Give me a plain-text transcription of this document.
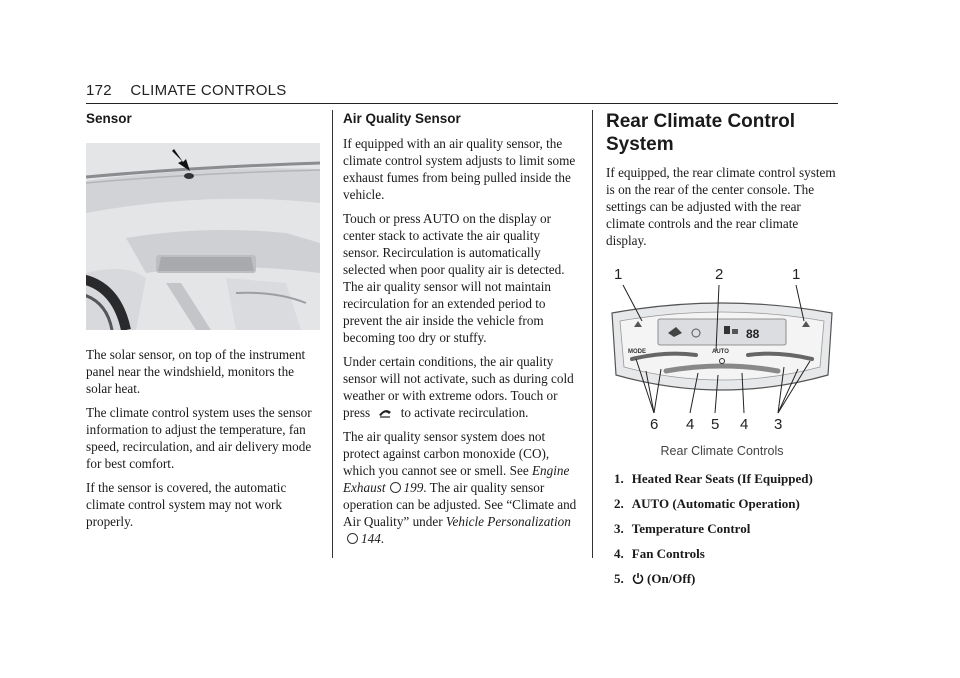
172 CLIMATE CONTROLS
Sensor

The solar sensor, on top of the instrument panel near the windshield, monitors the solar heat.

The climate control system uses the sensor information to adjust the temperature, fan speed, recirculation, and air delivery mode for best comfort.

If the sensor is covered, the automatic climate control system may not work properly.

Air Quality Sensor

If equipped with an air quality sensor, the climate control system adjusts to limit some exhaust fumes from being pulled inside the vehicle.

Touch or press AUTO on the display or center stack to activate the air quality sensor. Recirculation is automatically selected when poor quality air is detected. The air quality sensor will not maintain recirculation for an extended period to prevent the air inside the vehicle from becoming too dry or stuffy.

Under certain conditions, the air quality sensor will not activate, such as during cold weather or with extreme odors. Touch or press to activate recirculation.

The air quality sensor system does not protect against carbon monoxide (CO), which you cannot see or smell. See Engine Exhaust 199. The air quality sensor operation can be adjusted. See “Climate and Air Quality” under Vehicle Personalization144.

Rear Climate Control System

If equipped, the rear climate control system is on the rear of the center console. The settings can be adjusted with the rear climate controls and the rear climate display.

1	2	1
88
MODE	AUTO
6 4 5 4 3
Rear Climate Controls
1. Heated Rear Seats (If Equipped)
2. AUTO (Automatic Operation)
3. Temperature Control
4. Fan Controls
5.	(On/Off)
